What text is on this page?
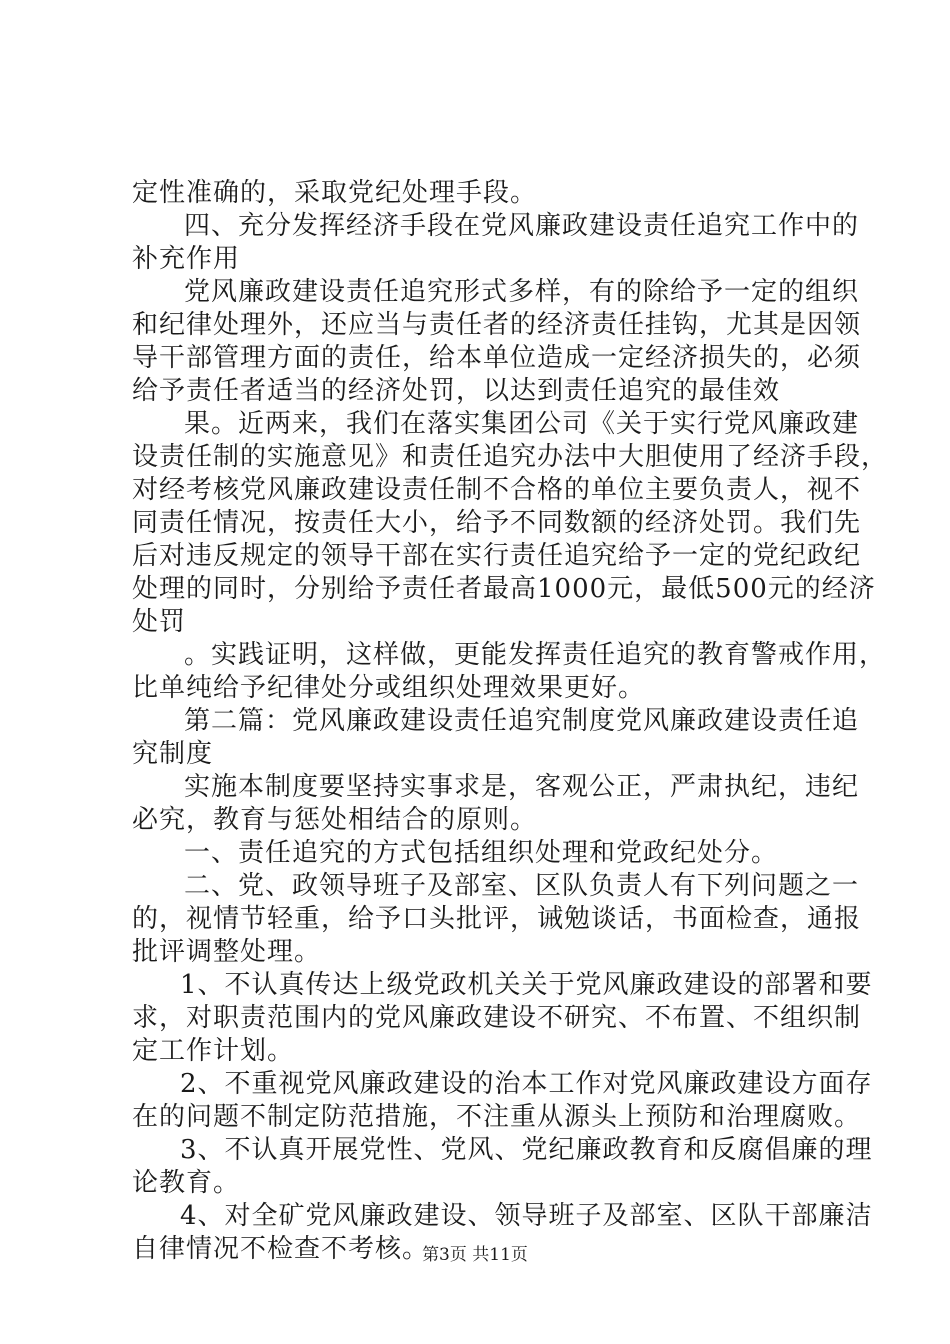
定性准确的，采取党纪处理手段。
四、充分发挥经济手段在党风廉政建设责任追究工作中的
补充作用
党风廉政建设责任追究形式多样，有的除给予一定的组织
和纪律处理外，还应当与责任者的经济责任挂钩，尤其是因领
导干部管理方面的责任，给本单位造成一定经济损失的，必须
给予责任者适当的经济处罚，以达到责任追究的最佳效
果。近两来，我们在落实集团公司《关于实行党风廉政建
设责任制的实施意见》和责任追究办法中大胆使用了经济手段，
对经考核党风廉政建设责任制不合格的单位主要负责人，视不
同责任情况，按责任大小，给予不同数额的经济处罚。我们先
后对违反规定的领导干部在实行责任追究给予一定的党纪政纪
处理的同时，分别给予责任者最高1000元，最低500元的经济
处罚
。实践证明，这样做，更能发挥责任追究的教育警戒作用，
比单纯给予纪律处分或组织处理效果更好。
第二篇：党风廉政建设责任追究制度党风廉政建设责任追
究制度
实施本制度要坚持实事求是，客观公正，严肃执纪，违纪
必究，教育与惩处相结合的原则。
一、责任追究的方式包括组织处理和党政纪处分。
二、党、政领导班子及部室、区队负责人有下列问题之一
的，视情节轻重，给予口头批评，诫勉谈话，书面检查，通报
批评调整处理。
1、不认真传达上级党政机关关于党风廉政建设的部署和要
求，对职责范围内的党风廉政建设不研究、不布置、不组织制
定工作计划。
2、不重视党风廉政建设的治本工作对党风廉政建设方面存
在的问题不制定防范措施，不注重从源头上预防和治理腐败。
3、不认真开展党性、党风、党纪廉政教育和反腐倡廉的理
论教育。
4、对全矿党风廉政建设、领导班子及部室、区队干部廉洁
自律情况不检查不考核。
第3页 共11页
